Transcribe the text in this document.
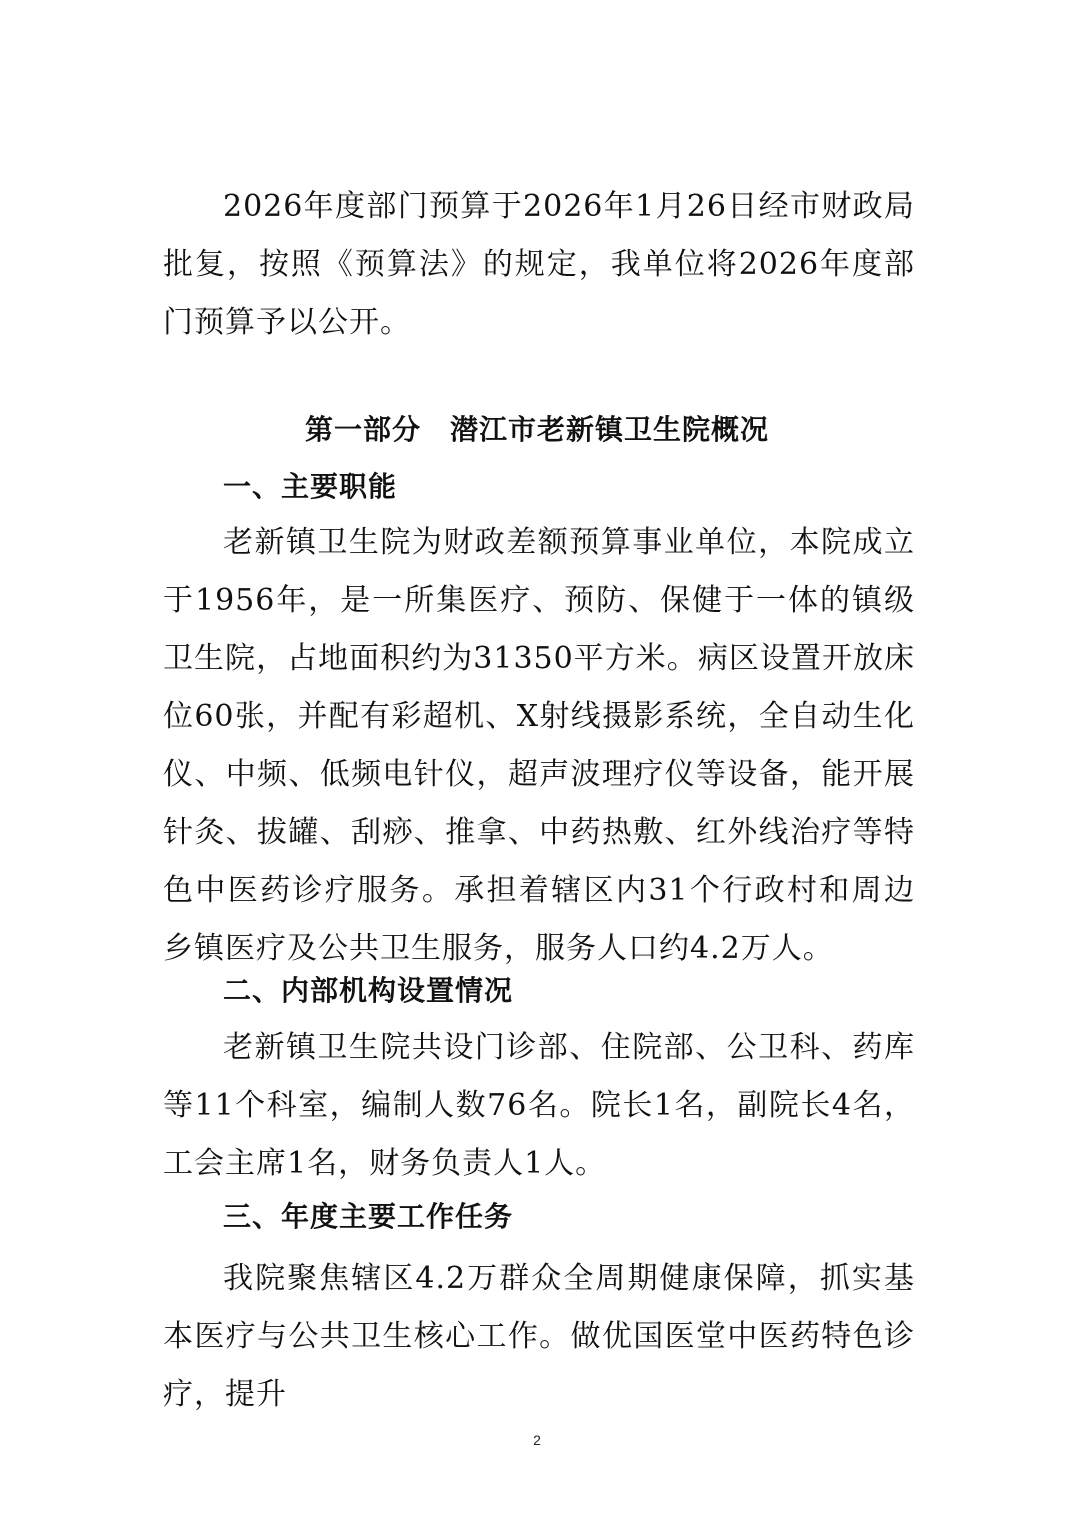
2026年度部门预算于2026年1月26日经市财政局批复，按照《预算法》的规定，我单位将2026年度部门预算予以公开。

第一部分　潜江市老新镇卫生院概况
一、主要职能

老新镇卫生院为财政差额预算事业单位，本院成立于1956年，是一所集医疗、预防、保健于一体的镇级卫生院，占地面积约为31350平方米。病区设置开放床位60张，并配有彩超机、X射线摄影系统，全自动生化仪、中频、低频电针仪，超声波理疗仪等设备，能开展针灸、拔罐、刮痧、推拿、中药热敷、红外线治疗等特色中医药诊疗服务。承担着辖区内31个行政村和周边乡镇医疗及公共卫生服务，服务人口约4.2万人。

二、内部机构设置情况

老新镇卫生院共设门诊部、住院部、公卫科、药库等11个科室，编制人数76名。院长1名，副院长4名，工会主席1名，财务负责人1人。

三、年度主要工作任务

我院聚焦辖区4.2万群众全周期健康保障，抓实基本医疗与公共卫生核心工作。做优国医堂中医药特色诊疗，提升

2
